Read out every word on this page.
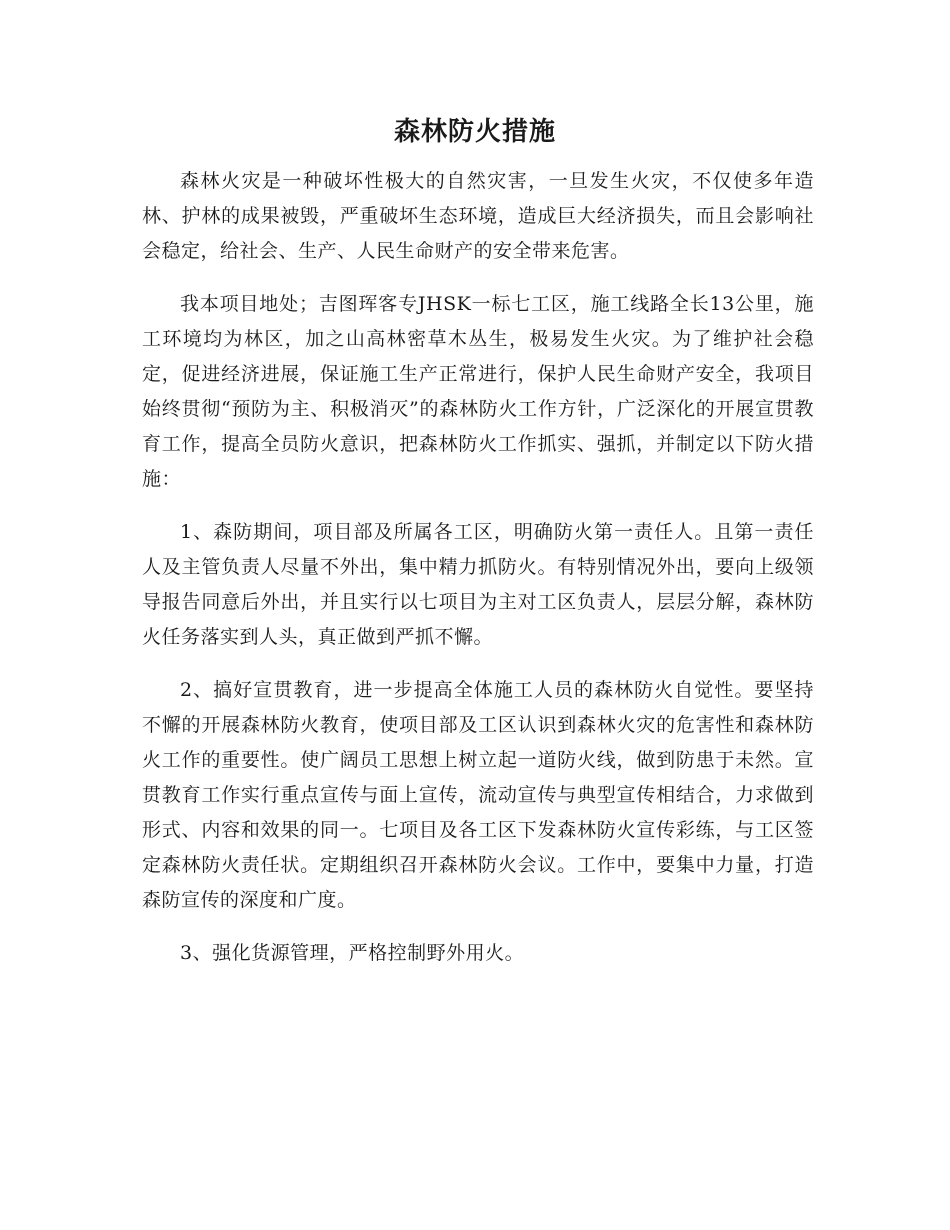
森林防火措施

森林火灾是一种破坏性极大的自然灾害，一旦发生火灾，不仅使多年造林、护林的成果被毁，严重破坏生态环境，造成巨大经济损失，而且会影响社会稳定，给社会、生产、人民生命财产的安全带来危害。

我本项目地处；吉图珲客专JHSK一标七工区，施工线路全长13公里，施工环境均为林区，加之山高林密草木丛生，极易发生火灾。为了维护社会稳定，促进经济进展，保证施工生产正常进行，保护人民生命财产安全，我项目始终贯彻“预防为主、积极消灭”的森林防火工作方针，广泛深化的开展宣贯教育工作，提高全员防火意识，把森林防火工作抓实、强抓，并制定以下防火措施：

1、森防期间，项目部及所属各工区，明确防火第一责任人。且第一责任人及主管负责人尽量不外出，集中精力抓防火。有特别情况外出，要向上级领导报告同意后外出，并且实行以七项目为主对工区负责人，层层分解，森林防火任务落实到人头，真正做到严抓不懈。

2、搞好宣贯教育，进一步提高全体施工人员的森林防火自觉性。要坚持不懈的开展森林防火教育，使项目部及工区认识到森林火灾的危害性和森林防火工作的重要性。使广阔员工思想上树立起一道防火线，做到防患于未然。宣贯教育工作实行重点宣传与面上宣传，流动宣传与典型宣传相结合，力求做到形式、内容和效果的同一。七项目及各工区下发森林防火宣传彩练，与工区签定森林防火责任状。定期组织召开森林防火会议。工作中，要集中力量，打造森防宣传的深度和广度。

3、强化货源管理，严格控制野外用火。
